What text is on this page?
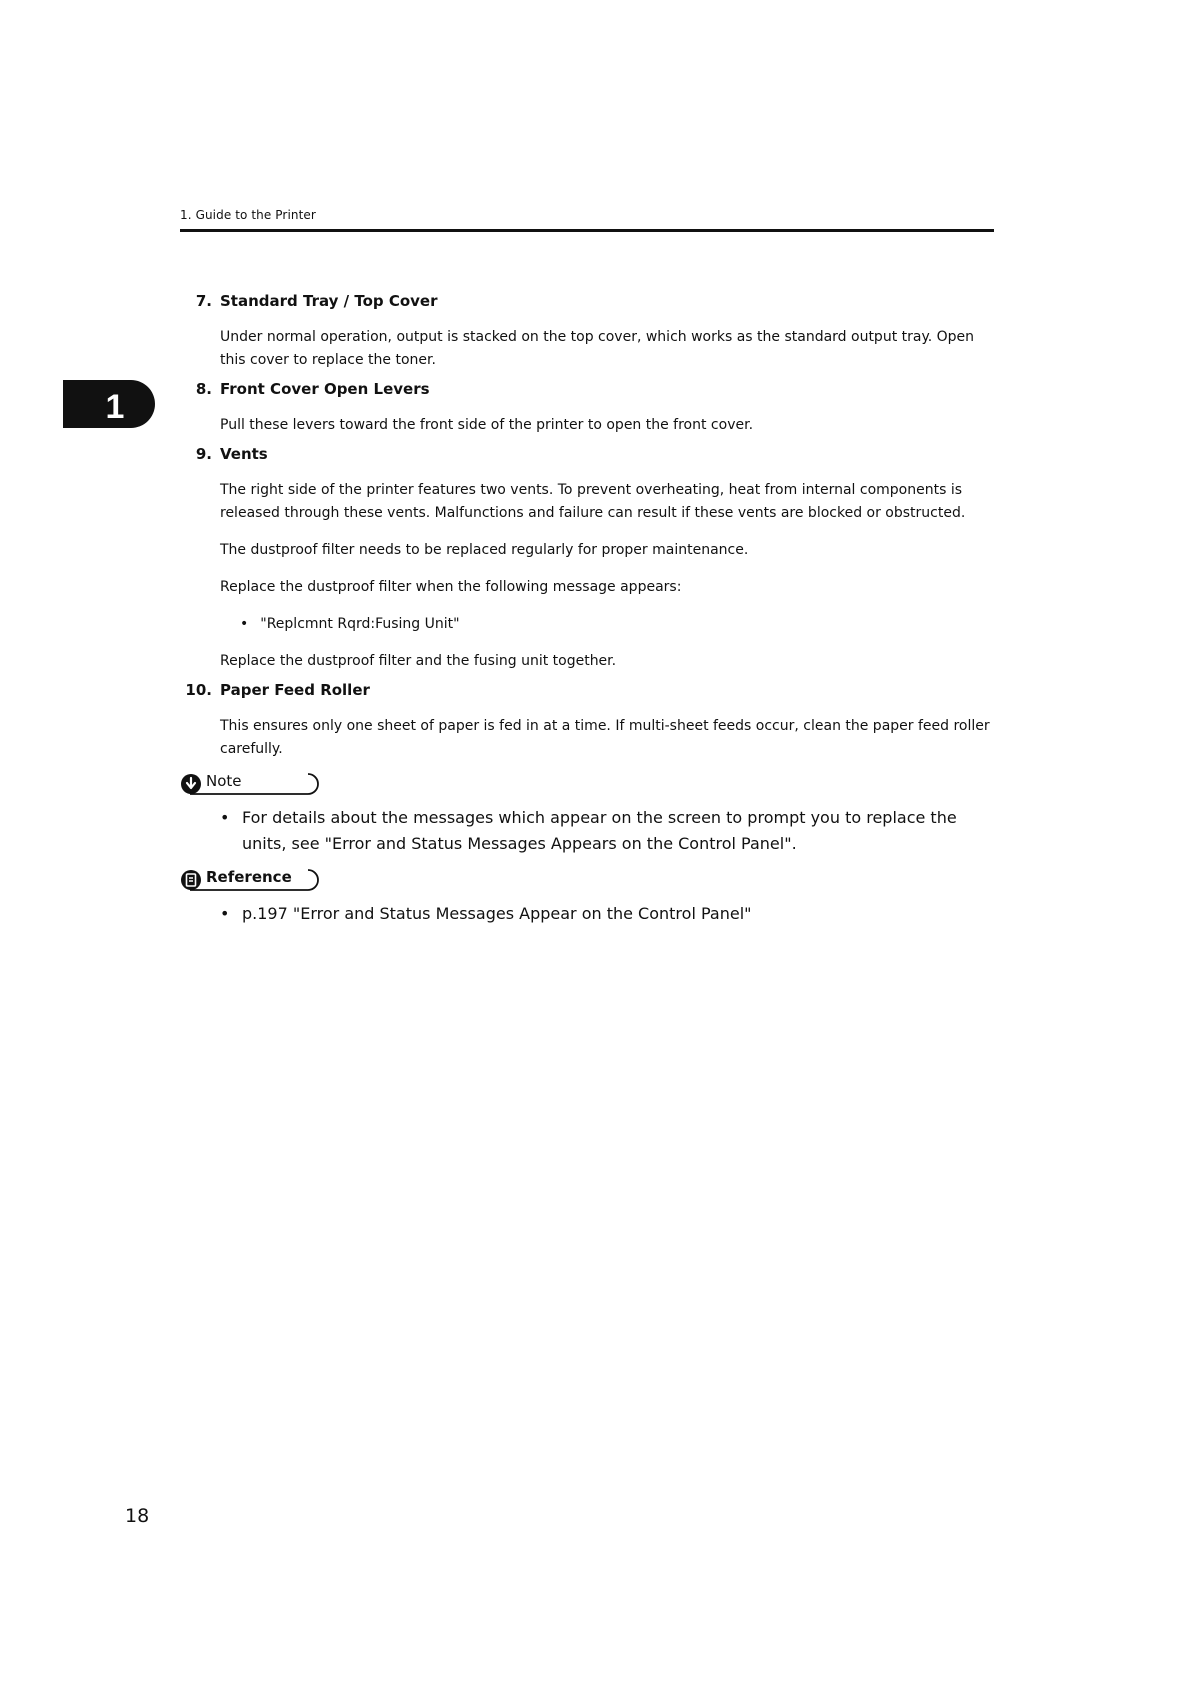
1. Guide to the Printer
1
7. Standard Tray / Top Cover

Under normal operation, output is stacked on the top cover, which works as the standard output tray. Open this cover to replace the toner.

8. Front Cover Open Levers

Pull these levers toward the front side of the printer to open the front cover.

9. Vents

The right side of the printer features two vents. To prevent overheating, heat from internal components is released through these vents. Malfunctions and failure can result if these vents are blocked or obstructed.

The dustproof filter needs to be replaced regularly for proper maintenance.

Replace the dustproof filter when the following message appears:

• "Replcmnt Rqrd:Fusing Unit"

Replace the dustproof filter and the fusing unit together.

10. Paper Feed Roller

This ensures only one sheet of paper is fed in at a time. If multi-sheet feeds occur, clean the paper feed roller carefully.

Note

• For details about the messages which appear on the screen to prompt you to replace the units, see "Error and Status Messages Appears on the Control Panel".

Reference

• p.197 "Error and Status Messages Appear on the Control Panel"

18
